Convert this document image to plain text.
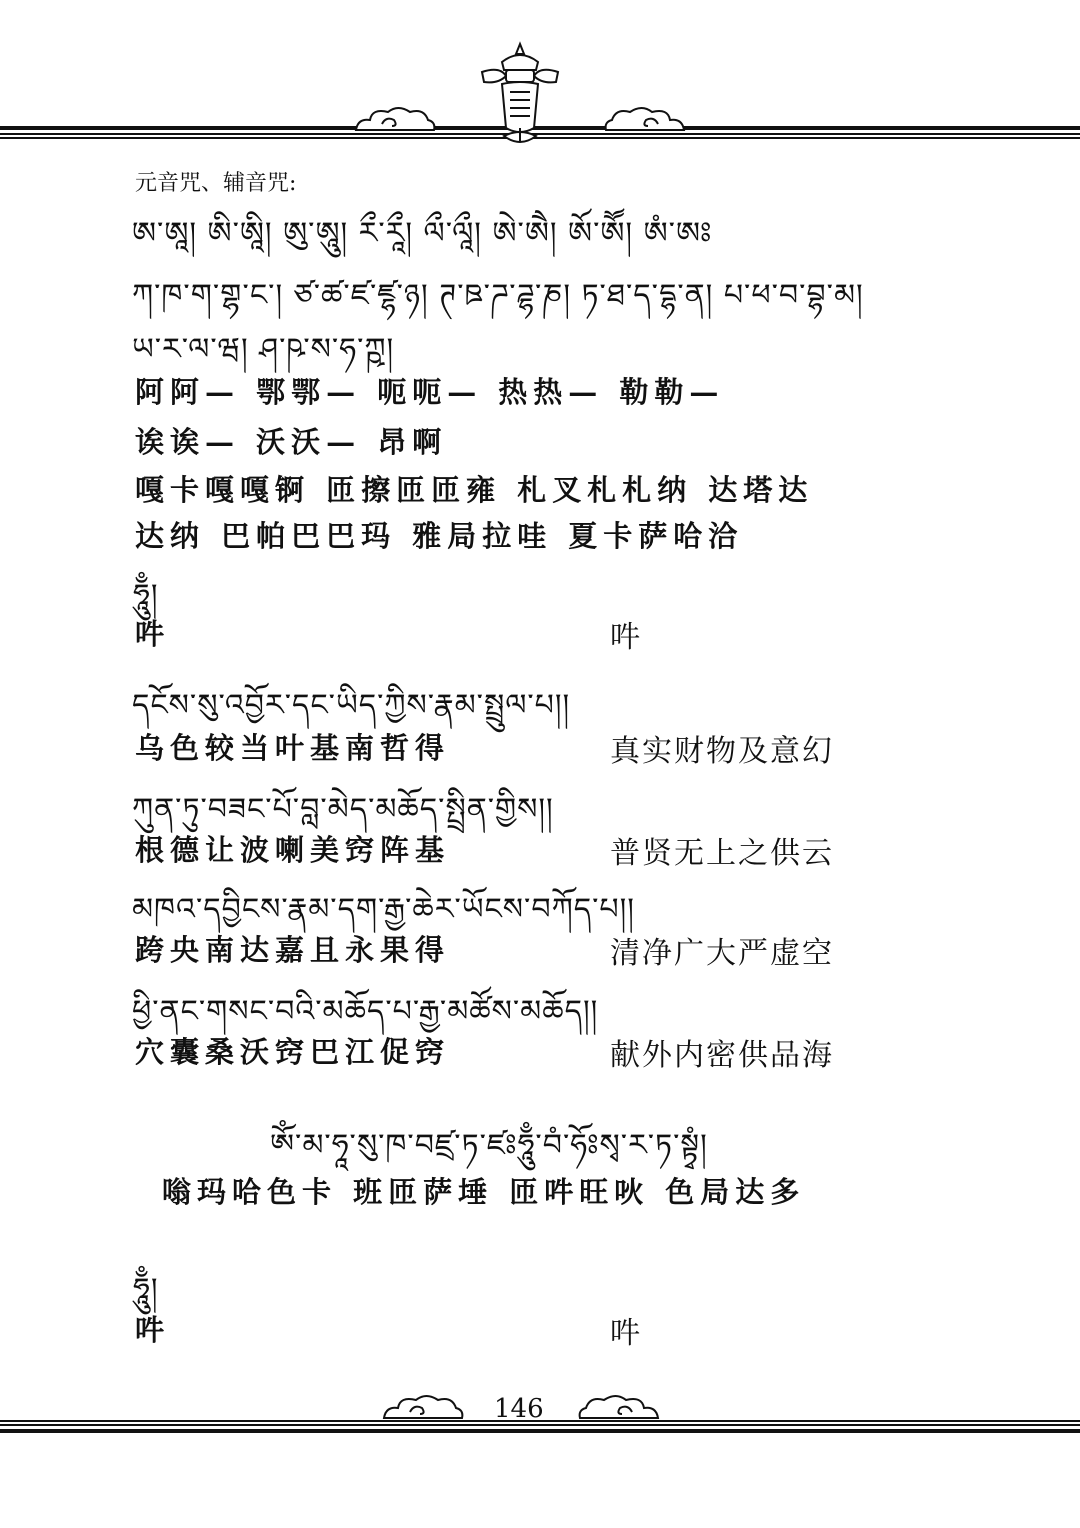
元音咒、辅音咒:
ཨ་ཨཱ། ཨི་ཨཱི། ཨུ་ཨཱུ། རྀ་རཱྀ། ལྀ་ལཱྀ། ཨེ་ཨཻ། ཨོ་ཨཽ། ཨཾ་ཨཿ
ཀ་ཁ་ག་གྷ་ང་། ཙ་ཚ་ཛ་ཛྷ་ཉ། ཊ་ཋ་ཌ་ཌྷ་ཎ། ཏ་ཐ་ད་དྷ་ན། པ་ཕ་བ་བྷ་མ།
ཡ་ར་ལ་ཝ། ཤ་ཥ་ས་ཧ་ཀྵ།
阿阿— 鄂鄂— 呃呃— 热热— 勒勒—
诶诶— 沃沃— 昂啊
嘎卡嘎嘎锕 匝擦匝匝雍 札叉札札纳 达塔达
达纳 巴帕巴巴玛 雅局拉哇 夏卡萨哈洽
ཧཱུྃ།
吽	吽
དངོས་སུ་འབྱོར་དང་ཡིད་ཀྱིས་རྣམ་སྤྲུལ་པ།།
乌色较当叶基南哲得	真实财物及意幻
ཀུན་ཏུ་བཟང་པོ་བླ་མེད་མཆོད་སྤྲིན་གྱིས།།
根德让波喇美窍阵基	普贤无上之供云
མཁའ་དབྱིངས་རྣམ་དག་རྒྱ་ཆེར་ཡོངས་བཀོད་པ།།
跨央南达嘉且永果得	清净广大严虚空
ཕྱི་ནང་གསང་བའི་མཆོད་པ་རྒྱ་མཚོས་མཆོད།།
穴囊桑沃窍巴江促窍	献外内密供品海
ཨོཾ་མ་ཧཱ་སུ་ཁ་བཛྲ་ཏ་ཛཿཧཱུྃ་བཾ་ཧོཿསྭ་ར་ཏ་སྟྭཾ།
嗡玛哈色卡 班匝萨埵 匝吽旺吙 色局达多
ཧཱུྃ།
吽	吽
146
